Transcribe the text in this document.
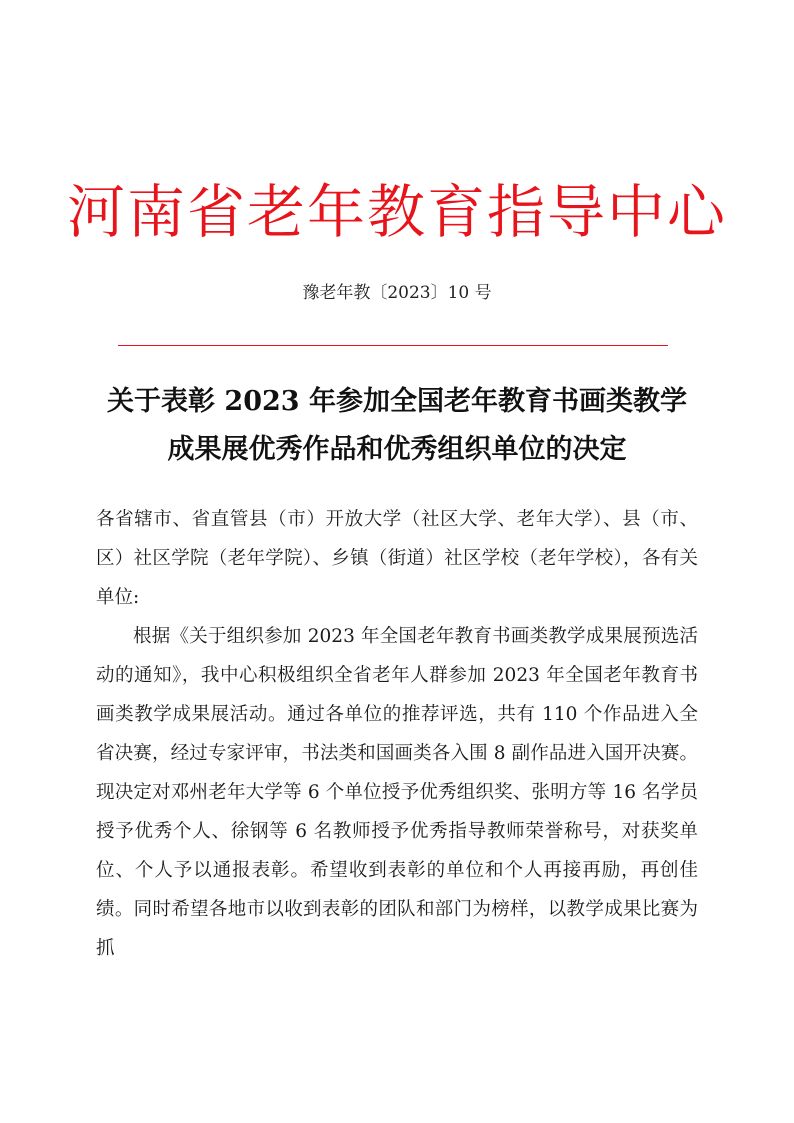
河南省老年教育指导中心
豫老年教〔2023〕10 号
关于表彰 2023 年参加全国老年教育书画类教学
成果展优秀作品和优秀组织单位的决定

各省辖市、省直管县（市）开放大学（社区大学、老年大学）、县（市、区）社区学院（老年学院）、乡镇（街道）社区学校（老年学校），各有关单位:

根据《关于组织参加 2023 年全国老年教育书画类教学成果展预选活动的通知》，我中心积极组织全省老年人群参加 2023 年全国老年教育书画类教学成果展活动。通过各单位的推荐评选，共有 110 个作品进入全省决赛，经过专家评审，书法类和国画类各入围 8 副作品进入国开决赛。现决定对邓州老年大学等 6 个单位授予优秀组织奖、张明方等 16 名学员授予优秀个人、徐钢等 6 名教师授予优秀指导教师荣誉称号，对获奖单位、个人予以通报表彰。希望收到表彰的单位和个人再接再励，再创佳绩。同时希望各地市以收到表彰的团队和部门为榜样，以教学成果比赛为抓
